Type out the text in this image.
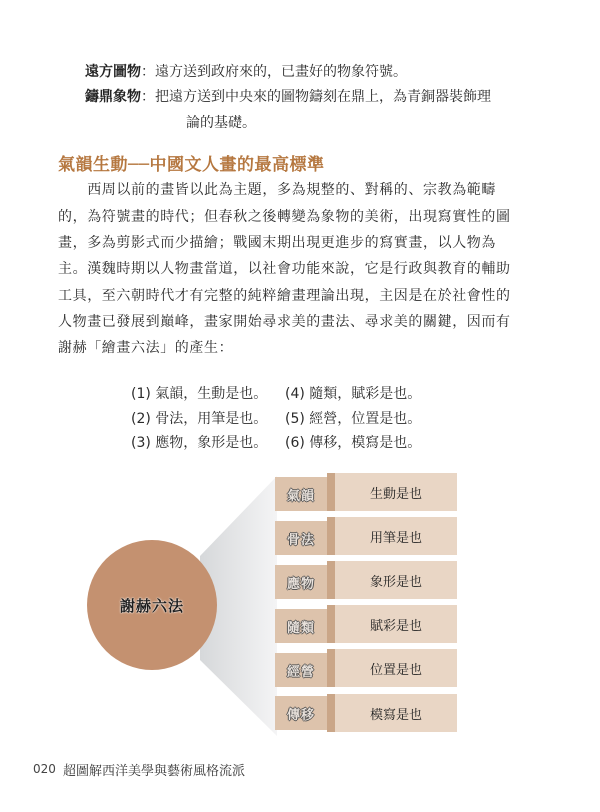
遠方圖物：遠方送到政府來的，已畫好的物象符號。
鑄鼎象物：把遠方送到中央來的圖物鑄刻在鼎上，為青銅器裝飾理
論的基礎。
氣韻生動──中國文人畫的最高標準
　　西周以前的畫皆以此為主題，多為規整的、對稱的、宗教為範疇
的，為符號畫的時代；但春秋之後轉變為象物的美術，出現寫實性的圖
畫，多為剪影式而少描繪；戰國末期出現更進步的寫實畫，以人物為
主。漢魏時期以人物畫當道，以社會功能來說，它是行政與教育的輔助
工具，至六朝時代才有完整的純粹繪畫理論出現，主因是在於社會性的
人物畫已發展到巔峰，畫家開始尋求美的畫法、尋求美的關鍵，因而有
謝赫「繪畫六法」的產生：
(1) 氣韻，生動是也。
(2) 骨法，用筆是也。
(3) 應物，象形是也。
(4) 隨類，賦彩是也。
(5) 經營，位置是也。
(6) 傳移，模寫是也。
謝赫六法
氣韻	生動是也
骨法	用筆是也
應物	象形是也
隨類	賦彩是也
經營	位置是也
傳移	模寫是也
020 超圖解西洋美學與藝術風格流派
